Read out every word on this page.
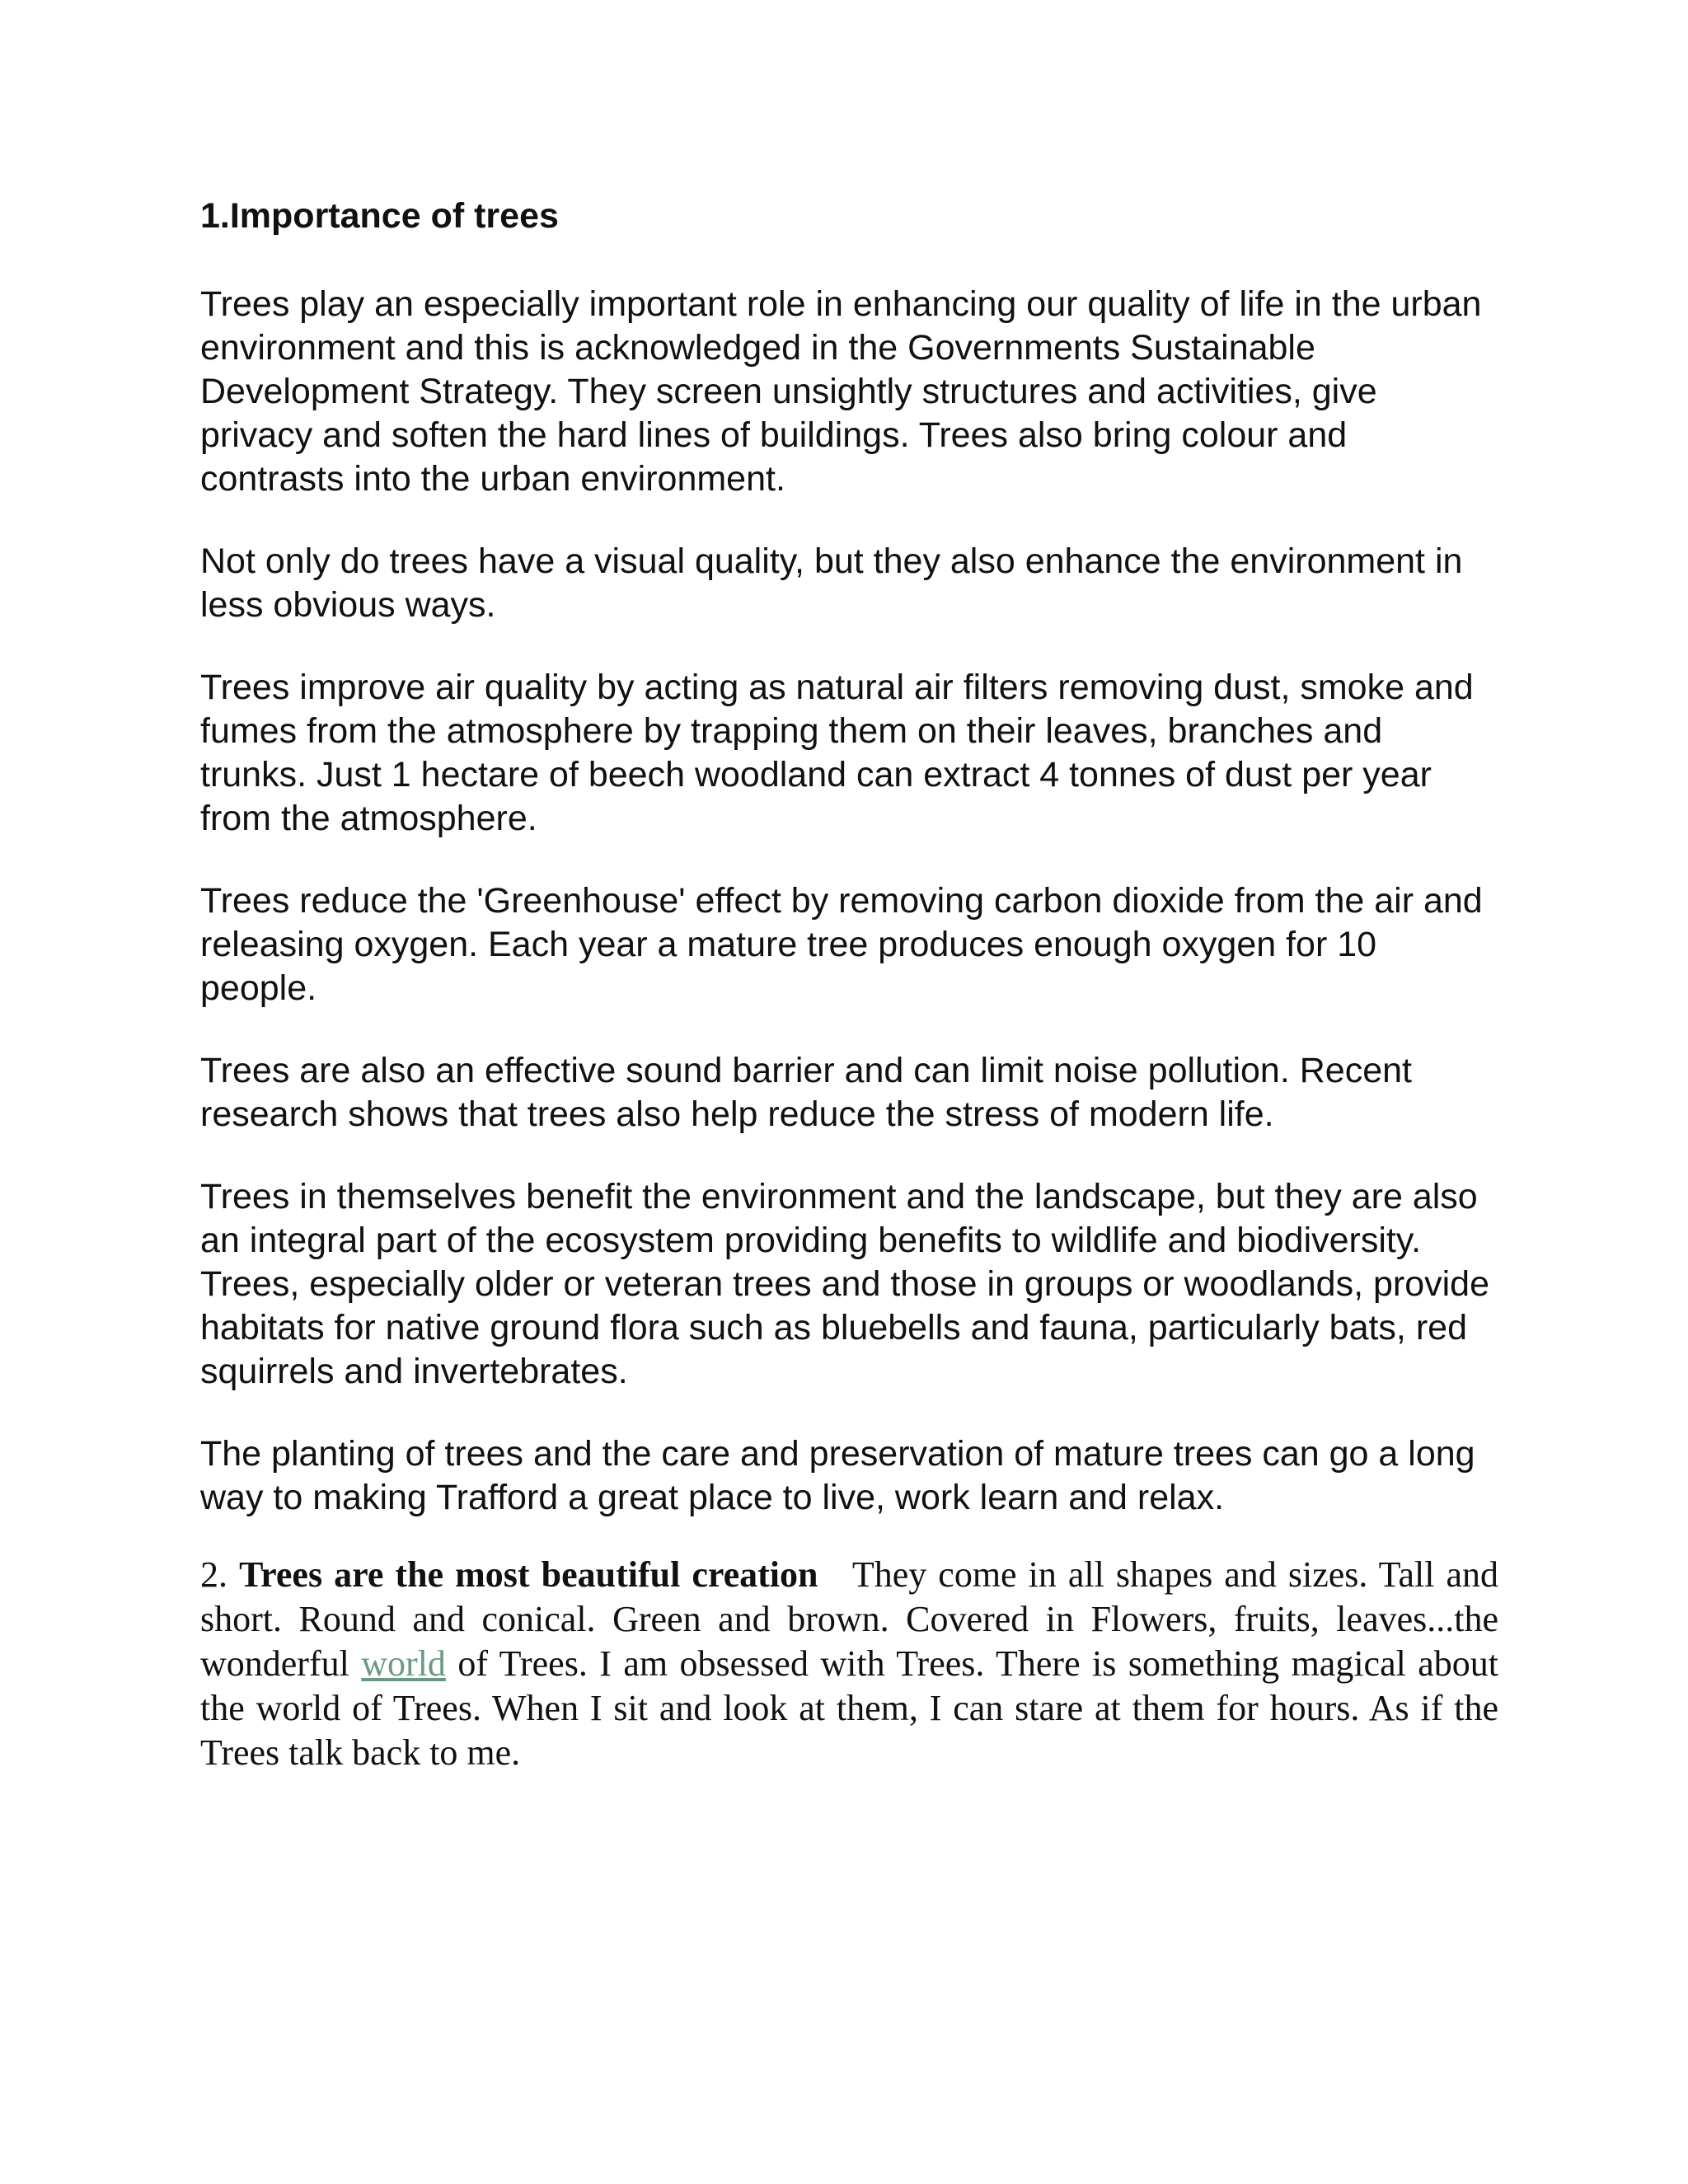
1.Importance of trees

Trees play an especially important role in enhancing our quality of life in the urban environment and this is acknowledged in the Governments Sustainable Development Strategy. They screen unsightly structures and activities, give privacy and soften the hard lines of buildings. Trees also bring colour and contrasts into the urban environment.

Not only do trees have a visual quality, but they also enhance the environment in less obvious ways.

Trees improve air quality by acting as natural air filters removing dust, smoke and fumes from the atmosphere by trapping them on their leaves, branches and trunks. Just 1 hectare of beech woodland can extract 4 tonnes of dust per year from the atmosphere.

Trees reduce the 'Greenhouse' effect by removing carbon dioxide from the air and releasing oxygen. Each year a mature tree produces enough oxygen for 10 people.

Trees are also an effective sound barrier and can limit noise pollution. Recent research shows that trees also help reduce the stress of modern life.

Trees in themselves benefit the environment and the landscape, but they are also an integral part of the ecosystem providing benefits to wildlife and biodiversity. Trees, especially older or veteran trees and those in groups or woodlands, provide habitats for native ground flora such as bluebells and fauna, particularly bats, red squirrels and invertebrates.

The planting of trees and the care and preservation of mature trees can go a long way to making Trafford a great place to live, work learn and relax.

2. Trees are the most beautiful creation They come in all shapes and sizes. Tall and short. Round and conical. Green and brown. Covered in Flowers, fruits, leaves...the wonderful world of Trees. I am obsessed with Trees. There is something magical about the world of Trees. When I sit and look at them, I can stare at them for hours. As if the Trees talk back to me.
